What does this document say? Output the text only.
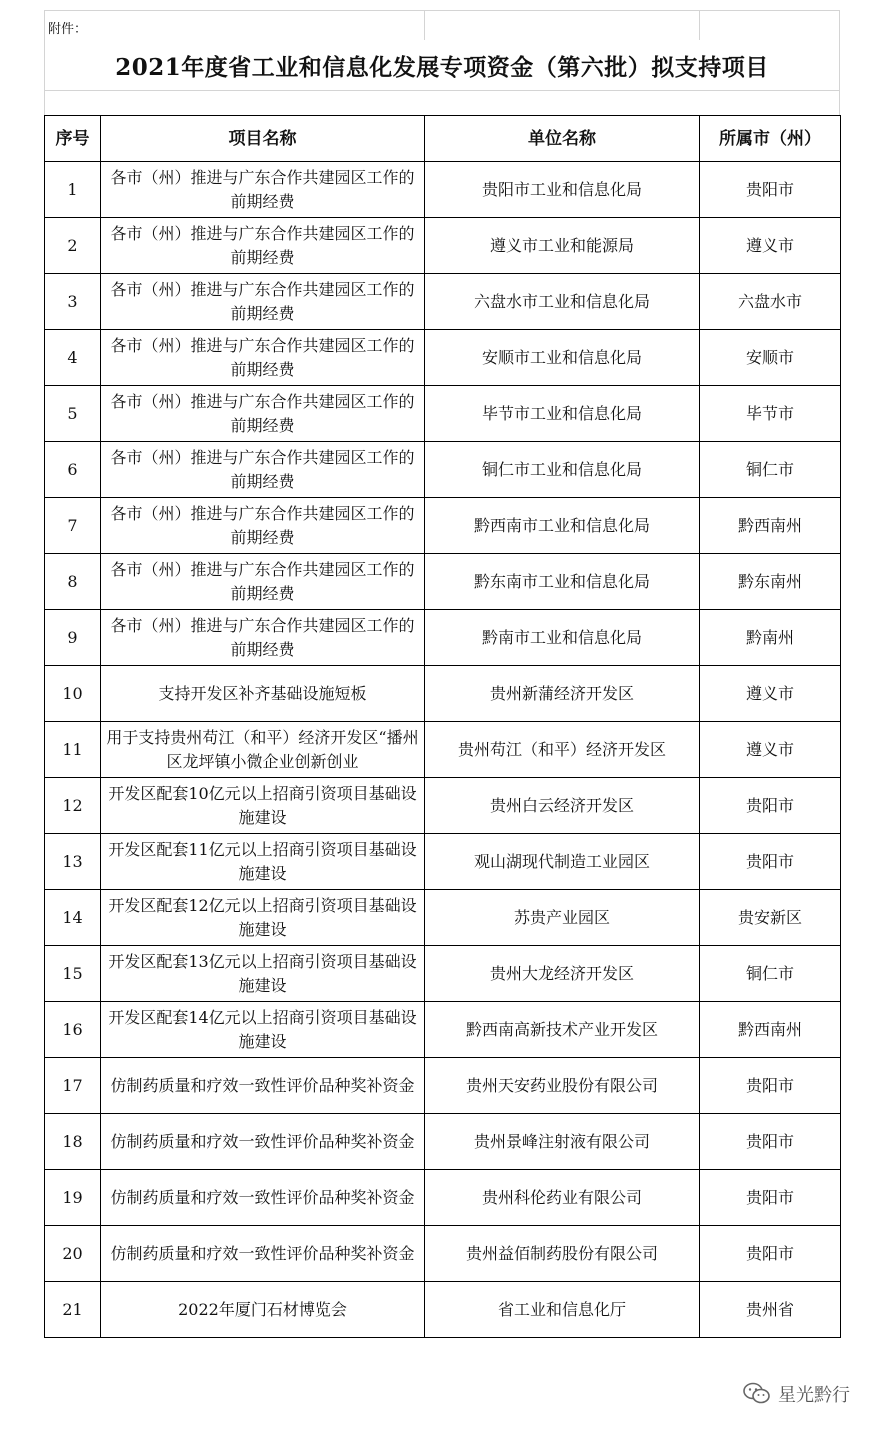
附件：
2021年度省工业和信息化发展专项资金（第六批）拟支持项目
序号	项目名称	单位名称	所属市（州）
1	各市（州）推进与广东合作共建园区工作的前期经费	贵阳市工业和信息化局	贵阳市
2	各市（州）推进与广东合作共建园区工作的前期经费	遵义市工业和能源局	遵义市
3	各市（州）推进与广东合作共建园区工作的前期经费	六盘水市工业和信息化局	六盘水市
4	各市（州）推进与广东合作共建园区工作的前期经费	安顺市工业和信息化局	安顺市
5	各市（州）推进与广东合作共建园区工作的前期经费	毕节市工业和信息化局	毕节市
6	各市（州）推进与广东合作共建园区工作的前期经费	铜仁市工业和信息化局	铜仁市
7	各市（州）推进与广东合作共建园区工作的前期经费	黔西南市工业和信息化局	黔西南州
8	各市（州）推进与广东合作共建园区工作的前期经费	黔东南市工业和信息化局	黔东南州
9	各市（州）推进与广东合作共建园区工作的前期经费	黔南市工业和信息化局	黔南州
10	支持开发区补齐基础设施短板	贵州新蒲经济开发区	遵义市
11	用于支持贵州苟江（和平）经济开发区“播州区龙坪镇小微企业创新创业	贵州苟江（和平）经济开发区	遵义市
12	开发区配套10亿元以上招商引资项目基础设施建设	贵州白云经济开发区	贵阳市
13	开发区配套11亿元以上招商引资项目基础设施建设	观山湖现代制造工业园区	贵阳市
14	开发区配套12亿元以上招商引资项目基础设施建设	苏贵产业园区	贵安新区
15	开发区配套13亿元以上招商引资项目基础设施建设	贵州大龙经济开发区	铜仁市
16	开发区配套14亿元以上招商引资项目基础设施建设	黔西南高新技术产业开发区	黔西南州
17	仿制药质量和疗效一致性评价品种奖补资金	贵州天安药业股份有限公司	贵阳市
18	仿制药质量和疗效一致性评价品种奖补资金	贵州景峰注射液有限公司	贵阳市
19	仿制药质量和疗效一致性评价品种奖补资金	贵州科伦药业有限公司	贵阳市
20	仿制药质量和疗效一致性评价品种奖补资金	贵州益佰制药股份有限公司	贵阳市
21	2022年厦门石材博览会	省工业和信息化厅	贵州省
星光黔行
